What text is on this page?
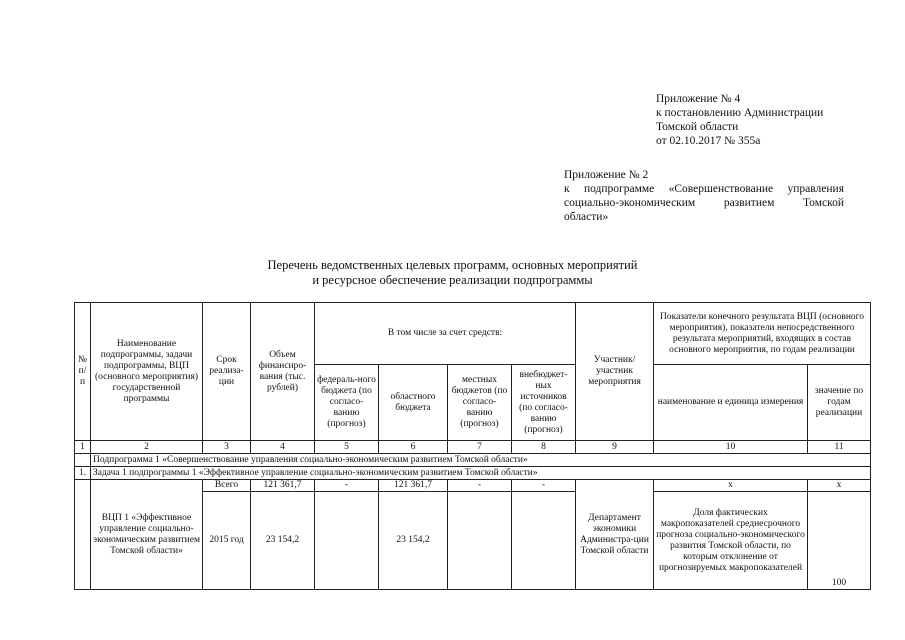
Приложение № 4
к постановлению Администрации
Томской области
от 02.10.2017 № 355а
Приложение № 2
к подпрограмме «Совершенствование управления
социально-экономическим развитием Томской
области»
Перечень ведомственных целевых программ, основных мероприятий
и ресурсное обеспечение реализации подпрограммы
№ п/п	Наименование подпрограммы, задачи подпрограммы, ВЦП (основного мероприятия) государственной программы	Срок реализа-ции	Объем финансиро-вания (тыс. рублей)	В том числе за счет средств:				Участник/ участник мероприятия	Показатели конечного результата ВЦП (основного мероприятия), показатели непосредственного результата мероприятий, входящих в состав основного мероприятия, по годам реализации	
				федераль-ного бюджета (по согласо-ванию (прогноз)	областного бюджета	местных бюджетов (по согласо-ванию (прогноз)	внебюджет-ных источников (по согласо-ванию (прогноз)		наименование и единица измерения	значение по годам реализации
1	2	3	4	5	6	7	8	9	10	11
	Подпрограмма 1 «Совершенствование управления социально-экономическим развитием Томской области»									
1.	Задача 1 подпрограммы 1 «Эффективное управление социально-экономическим развитием Томской области»									
	ВЦП 1 «Эффективное управление социально-экономическим развитием Томской области»	Всего	121 361,7	-	121 361,7	-	-	Департамент экономики Администра-ции Томской области	х	х
		2015 год	23 154,2		23 154,2				Доля фактических макропоказателей среднесрочного прогноза социально-экономического развития Томской области, по которым отклонение от прогнозируемых макропоказателей	100
